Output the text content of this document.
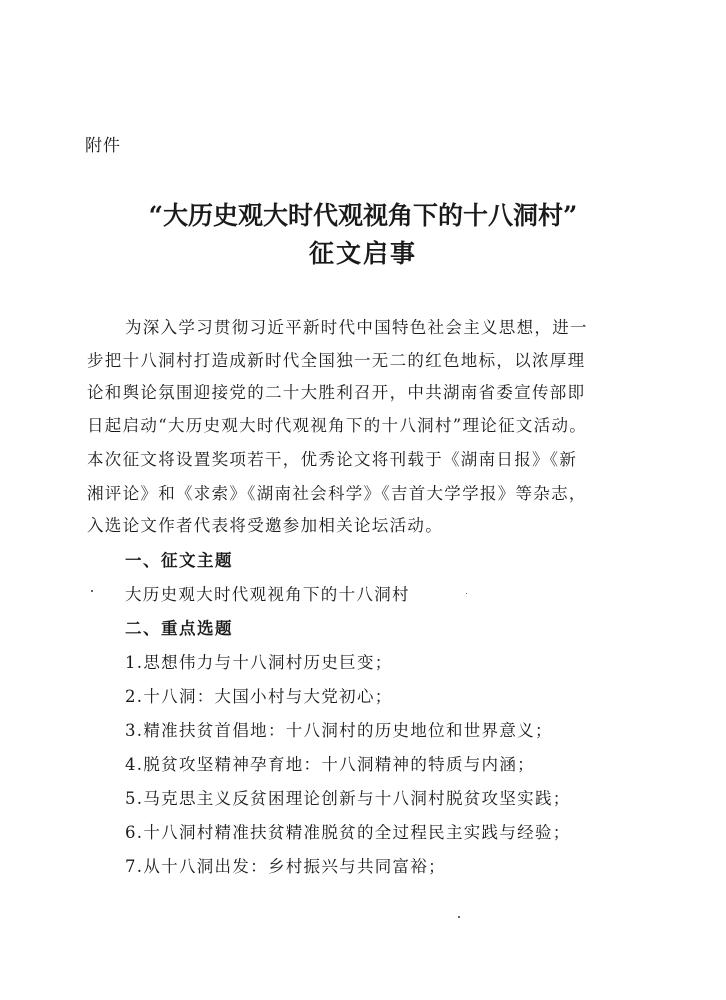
附件
“大历史观大时代观视角下的十八洞村”
征文启事
为深入学习贯彻习近平新时代中国特色社会主义思想，进一
步把十八洞村打造成新时代全国独一无二的红色地标，以浓厚理
论和舆论氛围迎接党的二十大胜利召开，中共湖南省委宣传部即
日起启动“大历史观大时代观视角下的十八洞村”理论征文活动。
本次征文将设置奖项若干，优秀论文将刊载于《湖南日报》《新
湘评论》和《求索》《湖南社会科学》《吉首大学学报》等杂志，
入选论文作者代表将受邀参加相关论坛活动。
一、征文主题
大历史观大时代观视角下的十八洞村
二、重点选题
1.思想伟力与十八洞村历史巨变；
2.十八洞：大国小村与大党初心；
3.精准扶贫首倡地：十八洞村的历史地位和世界意义；
4.脱贫攻坚精神孕育地：十八洞精神的特质与内涵；
5.马克思主义反贫困理论创新与十八洞村脱贫攻坚实践；
6.十八洞村精准扶贫精准脱贫的全过程民主实践与经验；
7.从十八洞出发：乡村振兴与共同富裕；
